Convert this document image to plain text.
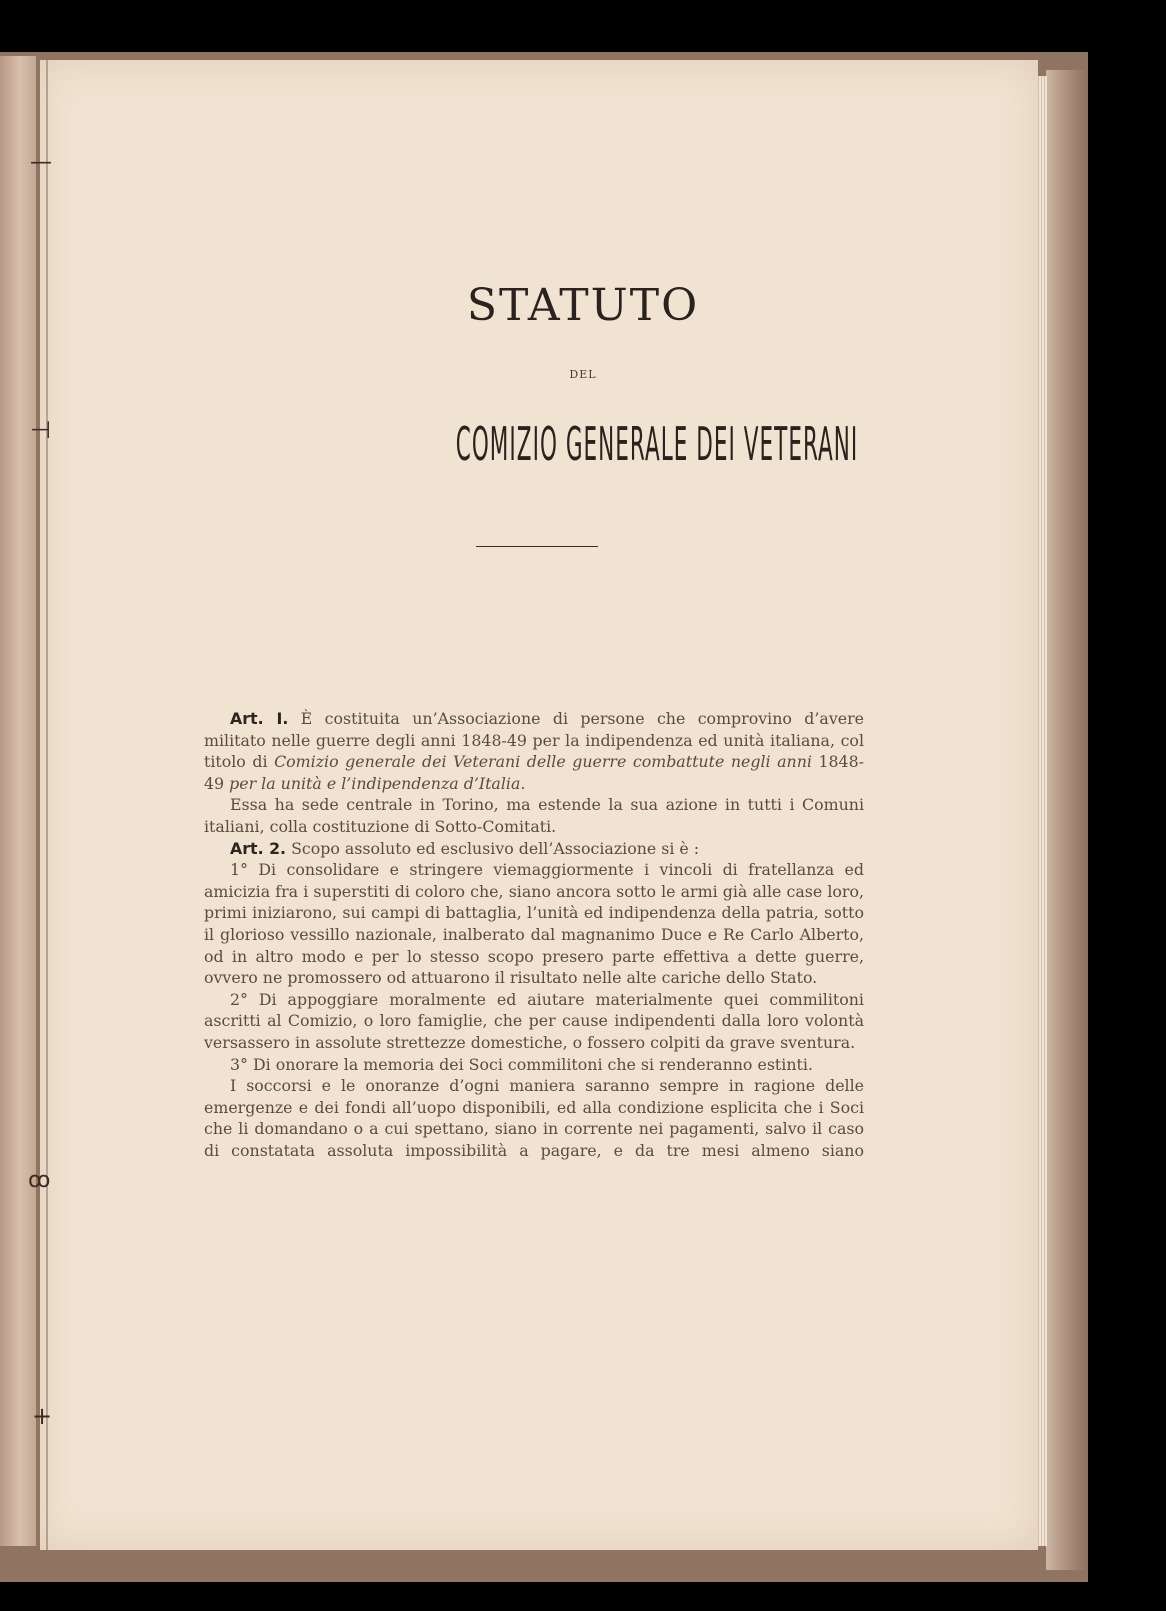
—
⊣
ꝏ
+
STATUTO
DEL
COMIZIO GENERALE DEI VETERANI

Art. I. È costituita un’Associazione di persone che comprovino d’avere militato nelle guerre degli anni 1848-49 per la indipendenza ed unità italiana, col titolo di Comizio generale dei Veterani delle guerre combattute negli anni 1848-49 per la unità e l’indipendenza d’Italia.

Essa ha sede centrale in Torino, ma estende la sua azione in tutti i Comuni italiani, colla costituzione di Sotto-Comitati.

Art. 2. Scopo assoluto ed esclusivo dell’Associazione si è :

1° Di consolidare e stringere viemaggiormente i vincoli di fratellanza ed amicizia fra i superstiti di coloro che, siano ancora sotto le armi già alle case loro, primi iniziarono, sui campi di battaglia, l’unità ed indipendenza della patria, sotto il glorioso vessillo nazionale, inalberato dal magnanimo Duce e Re Carlo Alberto, od in altro modo e per lo stesso scopo presero parte effettiva a dette guerre, ovvero ne promossero od attuarono il risultato nelle alte cariche dello Stato.

2° Di appoggiare moralmente ed aiutare materialmente quei commilitoni ascritti al Comizio, o loro famiglie, che per cause indipendenti dalla loro volontà versassero in assolute strettezze domestiche, o fossero colpiti da grave sventura.

3° Di onorare la memoria dei Soci commilitoni che si renderanno estinti.

I soccorsi e le onoranze d’ogni maniera saranno sempre in ragione delle emergenze e dei fondi all’uopo disponibili, ed alla condizione esplicita che i Soci che li domandano o a cui spettano, siano in corrente nei pagamenti, salvo il caso di constatata assoluta impossibilità a pagare, e da tre mesi almeno siano
